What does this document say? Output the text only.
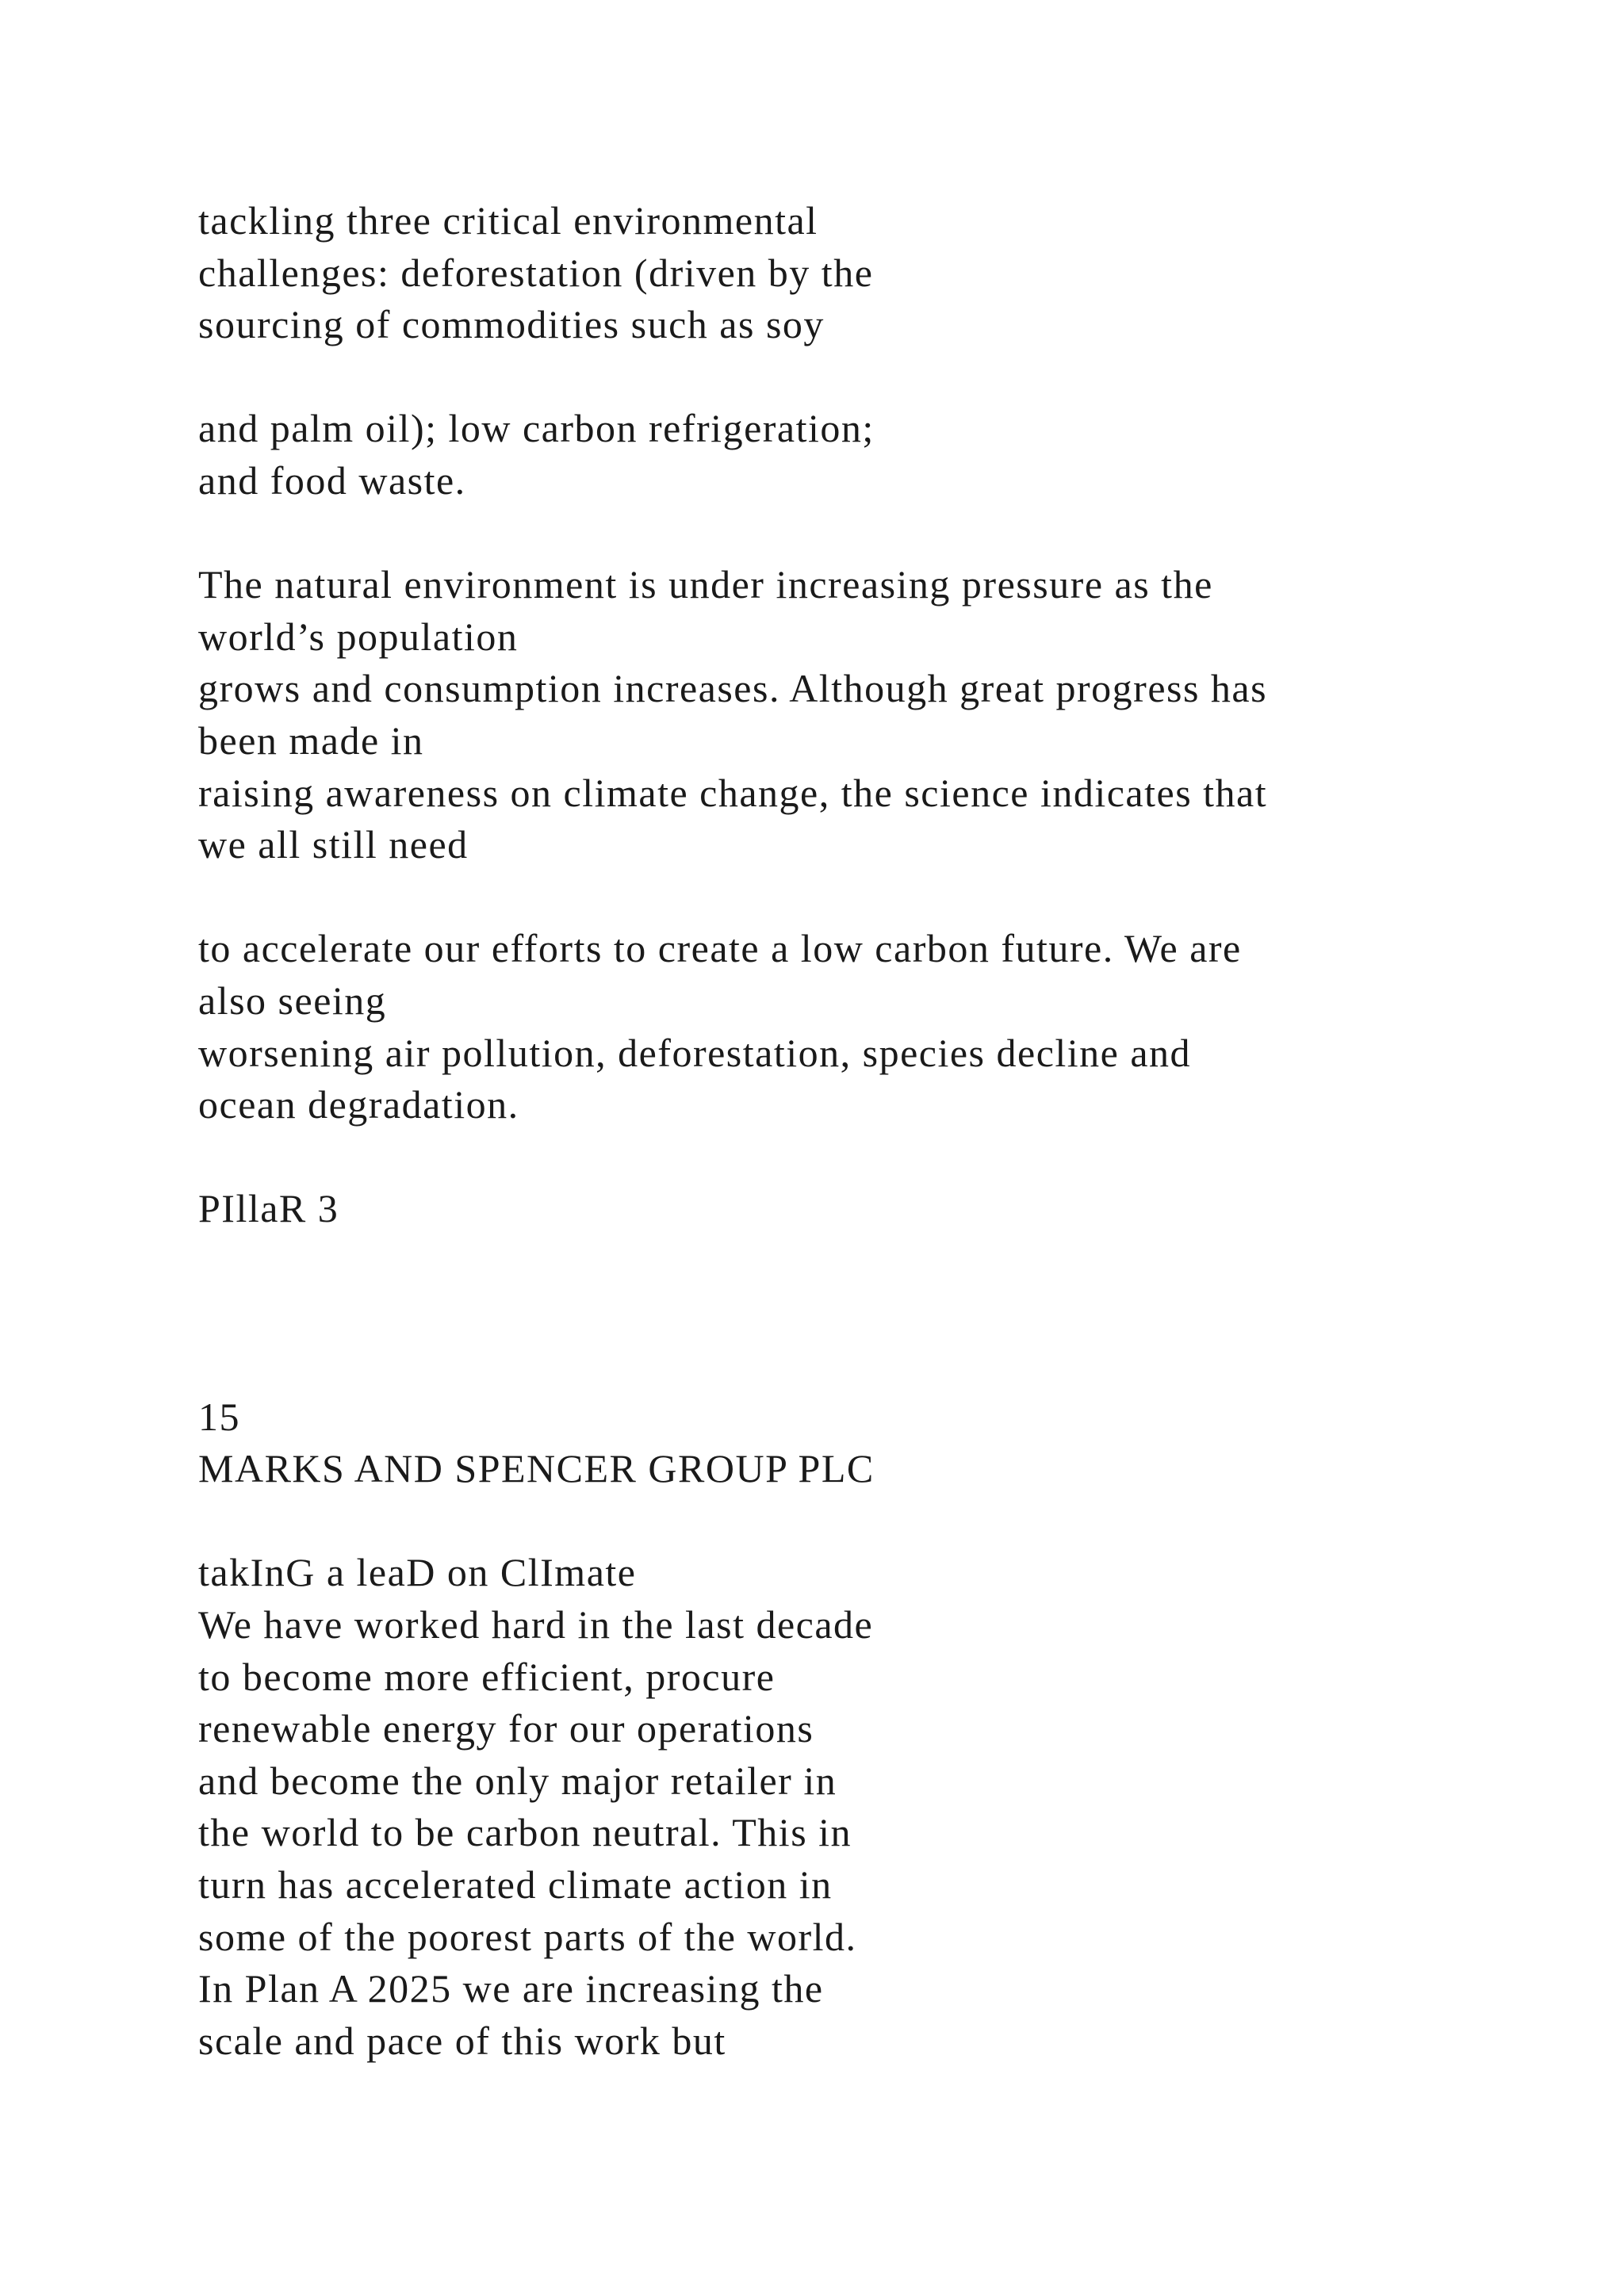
tackling three critical environmental
challenges: deforestation (driven by the
sourcing of commodities such as soy
and palm oil); low carbon refrigeration;
and food waste.
The natural environment is under increasing pressure as the
world’s population
grows and consumption increases. Although great progress has
been made in
raising awareness on climate change, the science indicates that
we all still need
to accelerate our efforts to create a low carbon future. We are
also seeing
worsening air pollution, deforestation, species decline and
ocean degradation.
PIllaR 3
15
MARKS AND SPENCER GROUP PLC
takInG a leaD on ClImate
We have worked hard in the last decade
to become more efficient, procure
renewable energy for our operations
and become the only major retailer in
the world to be carbon neutral. This in
turn has accelerated climate action in
some of the poorest parts of the world.
In Plan A 2025 we are increasing the
scale and pace of this work but
